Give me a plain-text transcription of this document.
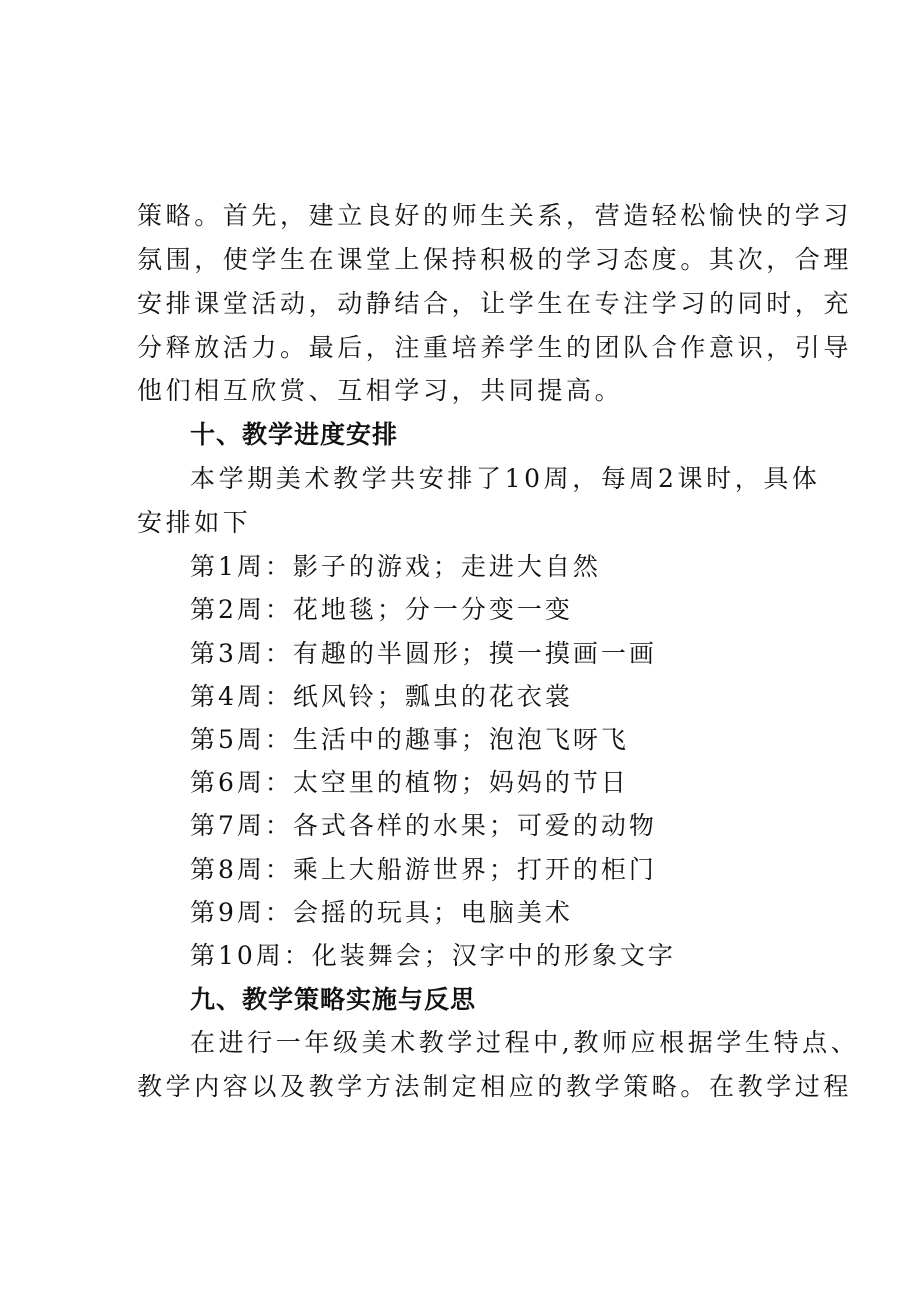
策略。首先，建立良好的师生关系，营造轻松愉快的学习
氛围，使学生在课堂上保持积极的学习态度。其次，合理
安排课堂活动，动静结合，让学生在专注学习的同时，充
分释放活力。最后，注重培养学生的团队合作意识，引导
他们相互欣赏、互相学习，共同提高。
十、教学进度安排
本学期美术教学共安排了10周，每周2课时，具体
安排如下
第1周：影子的游戏；走进大自然
第2周：花地毯；分一分变一变
第3周：有趣的半圆形；摸一摸画一画
第4周：纸风铃；瓢虫的花衣裳
第5周：生活中的趣事；泡泡飞呀飞
第6周：太空里的植物；妈妈的节日
第7周：各式各样的水果；可爱的动物
第8周：乘上大船游世界；打开的柜门
第9周：会摇的玩具；电脑美术
第10周：化装舞会；汉字中的形象文字
九、教学策略实施与反思
在进行一年级美术教学过程中,教师应根据学生特点、
教学内容以及教学方法制定相应的教学策略。在教学过程
